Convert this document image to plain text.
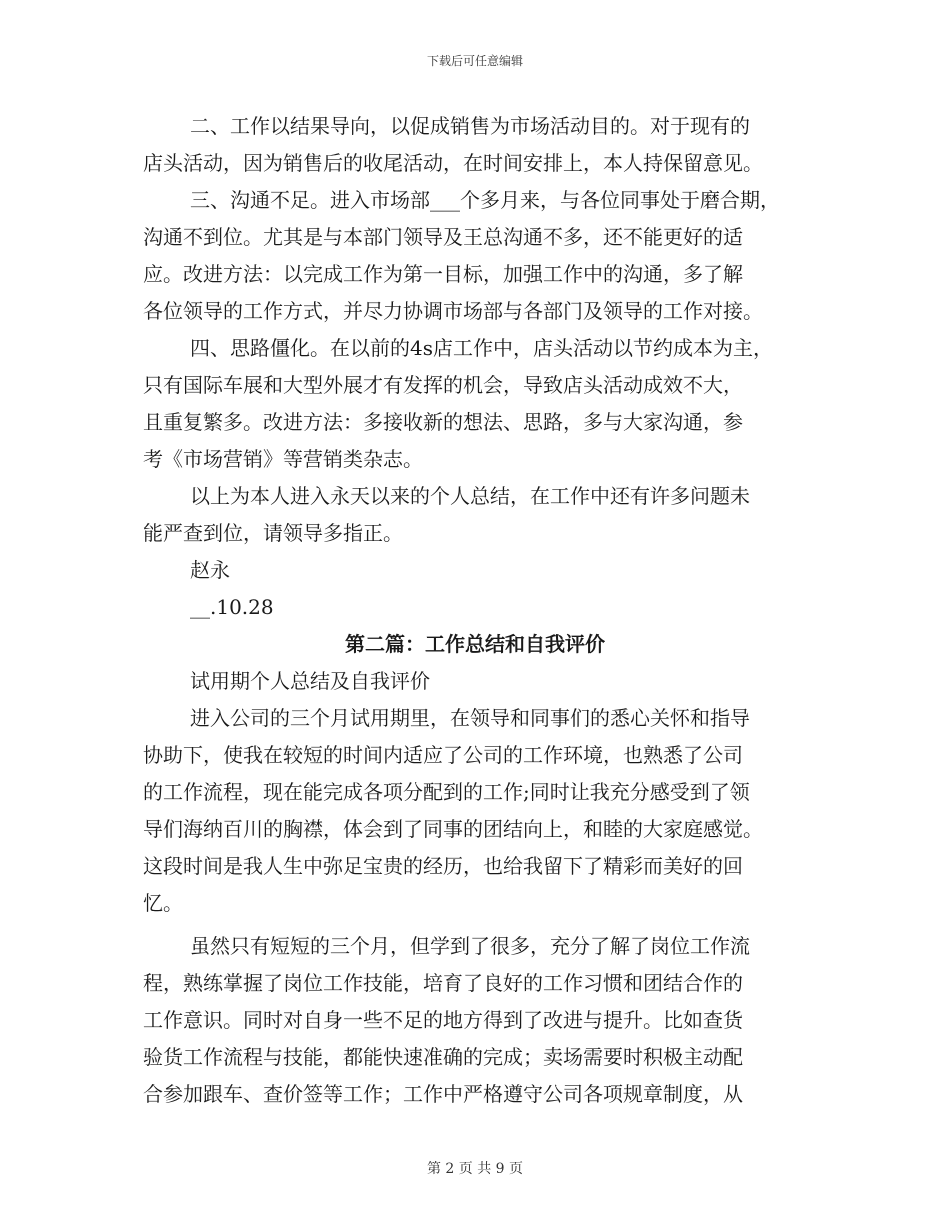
下载后可任意编辑
二、工作以结果导向，以促成销售为市场活动目的。对于现有的
店头活动，因为销售后的收尾活动，在时间安排上，本人持保留意见。
三、沟通不足。进入市场部___个多月来，与各位同事处于磨合期，
沟通不到位。尤其是与本部门领导及王总沟通不多，还不能更好的适
应。改进方法：以完成工作为第一目标，加强工作中的沟通，多了解
各位领导的工作方式，并尽力协调市场部与各部门及领导的工作对接。
四、思路僵化。在以前的4s店工作中，店头活动以节约成本为主，
只有国际车展和大型外展才有发挥的机会，导致店头活动成效不大，
且重复繁多。改进方法：多接收新的想法、思路，多与大家沟通，参
考《市场营销》等营销类杂志。
以上为本人进入永天以来的个人总结，在工作中还有许多问题未
能严查到位，请领导多指正。
赵永
__.10.28
第二篇：工作总结和自我评价
试用期个人总结及自我评价
进入公司的三个月试用期里，在领导和同事们的悉心关怀和指导
协助下，使我在较短的时间内适应了公司的工作环境，也熟悉了公司
的工作流程，现在能完成各项分配到的工作;同时让我充分感受到了领
导们海纳百川的胸襟，体会到了同事的团结向上，和睦的大家庭感觉。
这段时间是我人生中弥足宝贵的经历，也给我留下了精彩而美好的回
忆。
虽然只有短短的三个月，但学到了很多，充分了解了岗位工作流
程，熟练掌握了岗位工作技能，培育了良好的工作习惯和团结合作的
工作意识。同时对自身一些不足的地方得到了改进与提升。比如查货
验货工作流程与技能，都能快速准确的完成；卖场需要时积极主动配
合参加跟车、查价签等工作；工作中严格遵守公司各项规章制度，从
第 2 页 共 9 页
